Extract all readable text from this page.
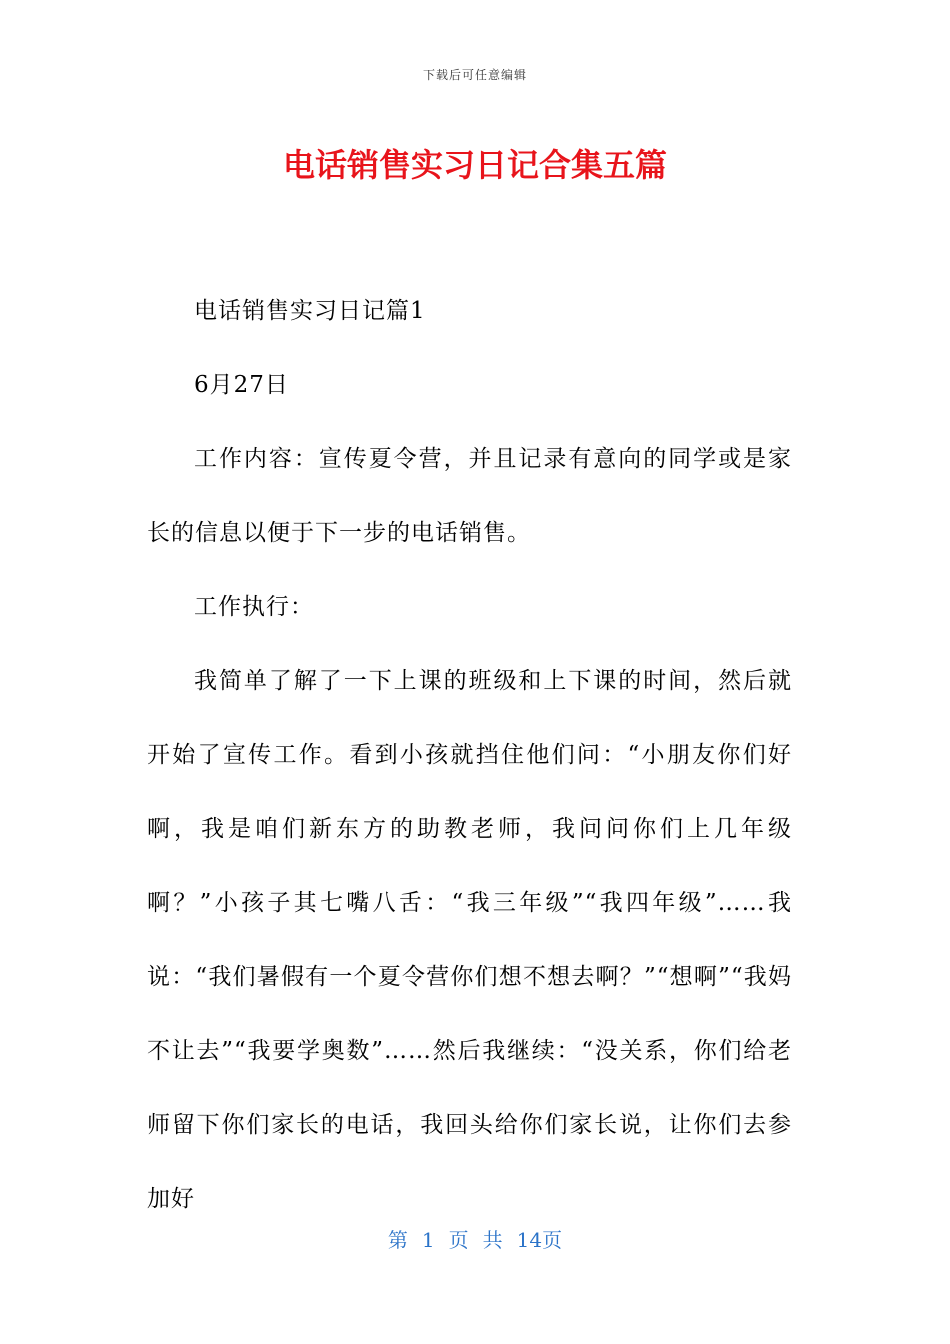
下载后可任意编辑
电话销售实习日记合集五篇

电话销售实习日记篇1

6月27日

工作内容：宣传夏令营，并且记录有意向的同学或是家长的信息以便于下一步的电话销售。

工作执行：

我简单了解了一下上课的班级和上下课的时间，然后就开始了宣传工作。看到小孩就挡住他们问：“小朋友你们好啊，我是咱们新东方的助教老师，我问问你们上几年级啊？”小孩子其七嘴八舌：“我三年级”“我四年级”……我说：“我们暑假有一个夏令营你们想不想去啊？”“想啊”“我妈不让去”“我要学奥数”……然后我继续：“没关系，你们给老师留下你们家长的电话，我回头给你们家长说，让你们去参加好

第 1 页 共 14页
